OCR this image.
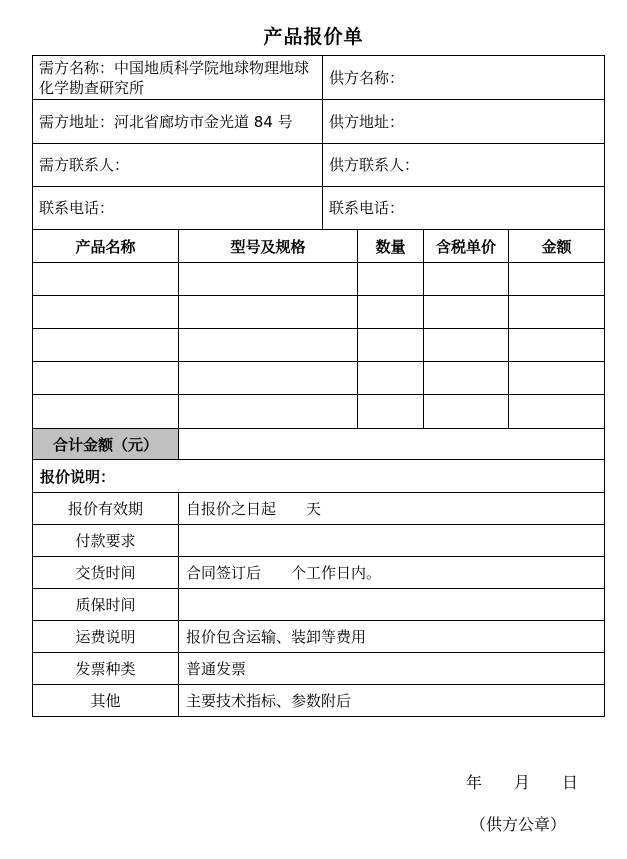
产品报价单
需方名称：中国地质科学院地球物理地球化学勘查研究所	供方名称：
需方地址：河北省廊坊市金光道 84 号	供方地址：
需方联系人：	供方联系人：
联系电话：	联系电话：
产品名称	型号及规格	数量	含税单价	金额

合计金额（元）	
报价说明：	
报价有效期	自报价之日起　　天
付款要求	
交货时间	合同签订后　　个工作日内。
质保时间	
运费说明	报价包含运输、装卸等费用
发票种类	普通发票
其他	主要技术指标、参数附后
年　　月　　日
（供方公章）
